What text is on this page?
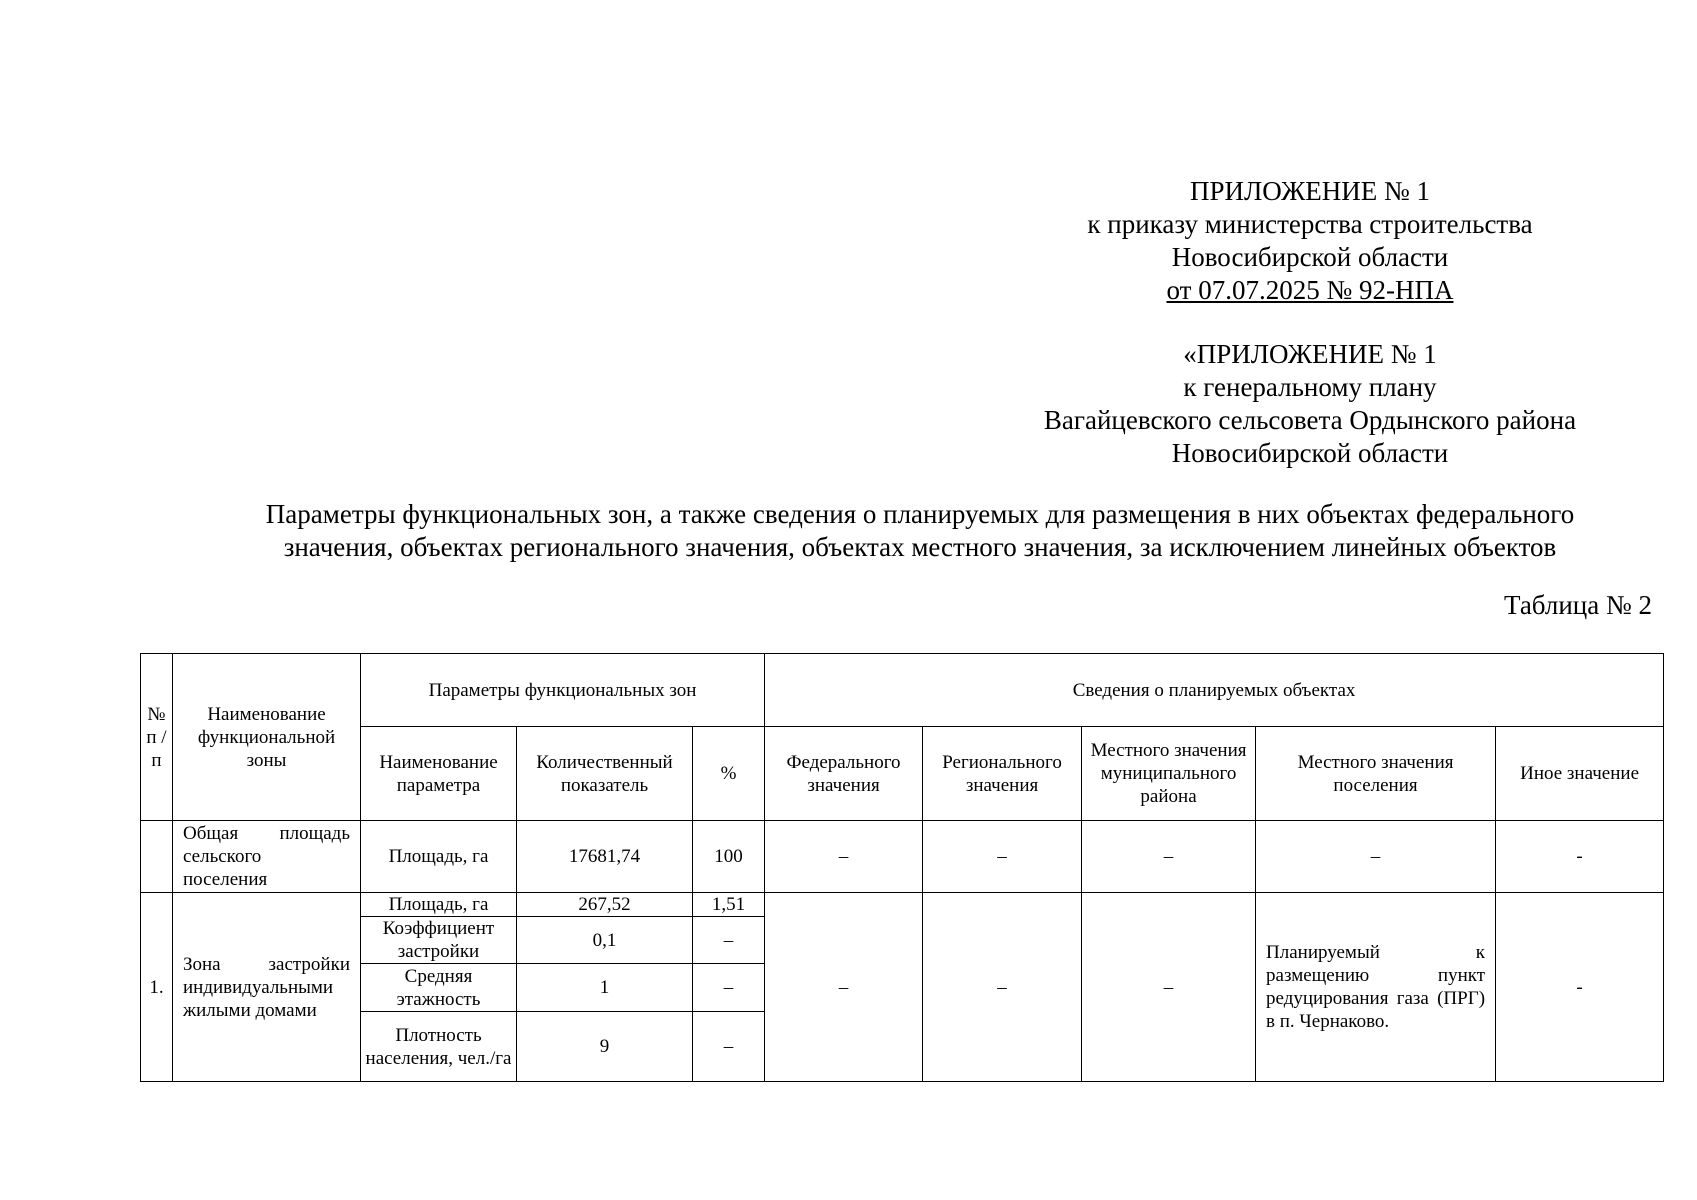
ПРИЛОЖЕНИЕ № 1
к приказу министерства строительства
Новосибирской области
от 07.07.2025 № 92-НПА
«ПРИЛОЖЕНИЕ № 1
к генеральному плану
Вагайцевского сельсовета Ордынского района
Новосибирской области
Параметры функциональных зон, а также сведения о планируемых для размещения в них объектах федерального
значения, объектах регионального значения, объектах местного значения, за исключением линейных объектов
Таблица № 2
№ п / п	Наименование функциональной зоны	Параметры функциональных зон			Сведения о планируемых объектах				
		Наименование параметра	Количественный показатель	%	Федерального значения	Регионального значения	Местного значения муниципального района	Местного значения поселения	Иное значение
	Общая площадь сельского поселения	Площадь, га	17681,74	100	–	–	–	–	-
1.	Зона застройки индивидуальными жилыми домами	Площадь, га	267,52	1,51	–	–	–	Планируемый к размещению пункт редуцирования газа (ПРГ) в п. Чернаково.	-
		Коэффициент застройки	0,1	–					
		Средняя этажность	1	–					
		Плотность населения, чел./га	9	–					
